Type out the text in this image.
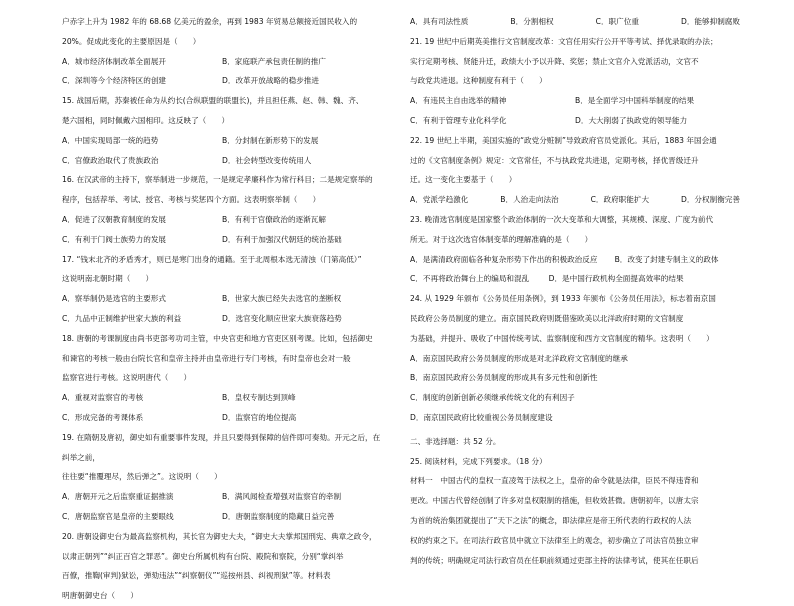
户赤字上升为 1982 年的 68.68 亿美元的盈余，再到 1983 年贸易总额接近国民收入的

20%。促成此变化的主要原因是（　　）

A．城市经济体制改革全面展开	B．家庭联产承包责任制的推广
C．深圳等今个经济特区的创建	D．改革开放战略的稳步推进

15. 战国后期，苏秦被任命为从约长(合纵联盟的联盟长)，并且担任燕、赵、韩、魏、齐、

楚六国相，同时佩戴六国相印。这反映了（　　）

A．中国实现局部一统的趋势	B．分封制在新形势下的发展
C．官僚政治取代了贵族政治	D．社会转型改变传统用人

16. 在汉武帝的主持下，察举制进一步规范，一是规定孝廉科作为常行科目；二是规定察举的

程序，包括荐举、考试、授官、考核与奖惩四个方面。这表明察举制（　　）

A．促进了汉朝教育制度的发展	B．有利于官僚政治的逐渐瓦解
C．有利于门阀士族势力的发展	D．有利于加强汉代朝廷的统治基础

17. “钱末北齐的矛盾秀才，则已是寒门出身的通籍。至于北周根本选无清浊（门第高低）”

这说明南北朝时期（　　）

A．察举制仍是选官的主要形式	B．世家大族已经失去选官的垄断权
C．九品中正制维护世家大族的利益	D．选官变化顺应世家大族衰落趋势

18. 唐朝的考课制度由尚书吏部考功司主管，中央官吏和地方官吏区别考课。比如，包括御史

和谏官的考核一般由台院长官和皇帝主持并由皇帝进行专门考核，有时皇帝也会对一般

监察官进行考核。这说明唐代（　　）

A．重视对监察官的考核	B．皇权专制达到顶峰
C．形成完备的考课体系	D．监察官的地位提高

19. 在隋朝及唐初，御史如有重要事件发现，并且只要得到保障的信件即可奏劾。开元之后，在纠举之前，

往往要“推覆理尽，然后弹之”。这说明（　　）

A．唐朝开元之后监察重证据推演	B．满风闻检查增强对监察官的牵制
C．唐朝监察官是皇帝的主要眼线	D．唐朝监察制度的隐藏日益完善

20. 唐朝设御史台为最高监察机构，其长官为御史大夫，“御史大夫掌邦国刑宪、典章之政令，

以肃正朝列”“纠正百官之罪恶”。御史台所属机构有台院、殿院和察院，分别“掌纠举

百僚，推鞫(审判)狱讼，弹劾违法”“纠察朝仪”“巡按州县、纠视刑狱”等。材料表

明唐朝御史台（　　）

A．具有司法性质	B．分割相权	C．职广位重	D．能够抑制腐败

21. 19 世纪中后期英美推行文官制度改革：文官任用实行公开平等考试、择优录取的办法；

实行定期考核、贤能升迁，政绩大小予以升降、奖惩；禁止文官介入党派活动，文官不

与政党共进退。这种制度有利于（　　）

A．有违民主自由选举的精神	B．是全面学习中国科举制度的结果
C．有利于管理专业化科学化	D．大大削弱了执政党的领导能力

22. 19 世纪上半期，美国实施的“政党分赃制”导致政府官员党派化。其后，1883 年国会通

过的《文官制度条例》规定：文官常任，不与执政党共进退，定期考核，择优晋级迁升

迁。这一变化主要基于（　　）

A．党派学趋激化	B．人治走向法治	C．政府职能扩大	D．分权制衡完善

23. 晚清选官制度是国家整个政治体制的一次大变革和大调整，其规模、深度、广度为前代

所无。对于这次选官体制变革的理解准确的是（　　）

A．是满清政府面临各种复杂形势下作出的积极政治反应	B．改变了封建专制主义的政体
C．不再将政治舞台上的编局和混乱	D．是中国行政机构全面提高效率的结果

24. 从 1929 年颁布《公务员任用条例》，到 1933 年颁布《公务员任用法》，标志着南京国

民政府公务员制度的建立。南京国民政府则既借鉴欧美以北洋政府时期的文官制度

为基础，并提升、吸收了中国传统考试、监察制度和西方文官制度的精华。这表明（　　）

A．南京国民政府公务员制度的形成是对北洋政府文官制度的继承
B．南京国民政府公务员制度的形成具有多元性和创新性
C．制度的创新创新必须继承传统文化的有利因子
D．南京国民政府比较重视公务员制度建设

二、非选择题：共 52 分。

25. 阅读材料，完成下列要求。（18 分）

材料一　中国古代的皇权一直凌驾于法权之上，皇帝的命令就是法律，臣民不得违背和

更改。中国古代曾经创制了许多对皇权限制的措施，但收效甚微。唐朝初年，以唐太宗

为首的统治集团就提出了“天下之法”的概念，即法律应是帝王所代表的行政权的人法

权的约束之下。在司法行政官员中就立下法律至上的观念，初步确立了司法官员独立审

判的传统；明确规定司法行政官员在任职前须通过吏部主持的法律考试，使其在任职后
